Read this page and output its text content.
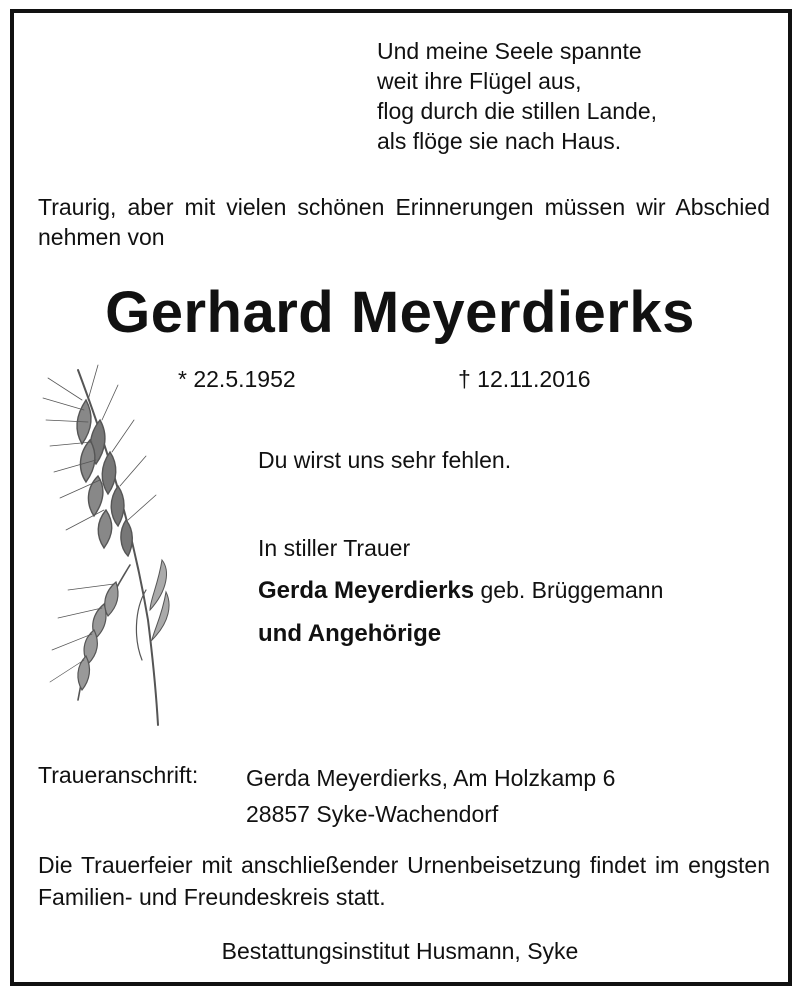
Und meine Seele spannte
weit ihre Flügel aus,
flog durch die stillen Lande,
als flöge sie nach Haus.
Traurig, aber mit vielen schönen Erinnerungen müssen wir Abschied nehmen von
Gerhard Meyerdierks
* 22.5.1952	† 12.11.2016
Du wirst uns sehr fehlen.
In stiller Trauer
Gerda Meyerdierks geb. Brüggemann
und Angehörige
Traueranschrift: Gerda Meyerdierks, Am Holzkamp 6
28857 Syke-Wachendorf
Die Trauerfeier mit anschließender Urnenbeisetzung findet im engsten Familien- und Freundeskreis statt.
Bestattungsinstitut Husmann, Syke
